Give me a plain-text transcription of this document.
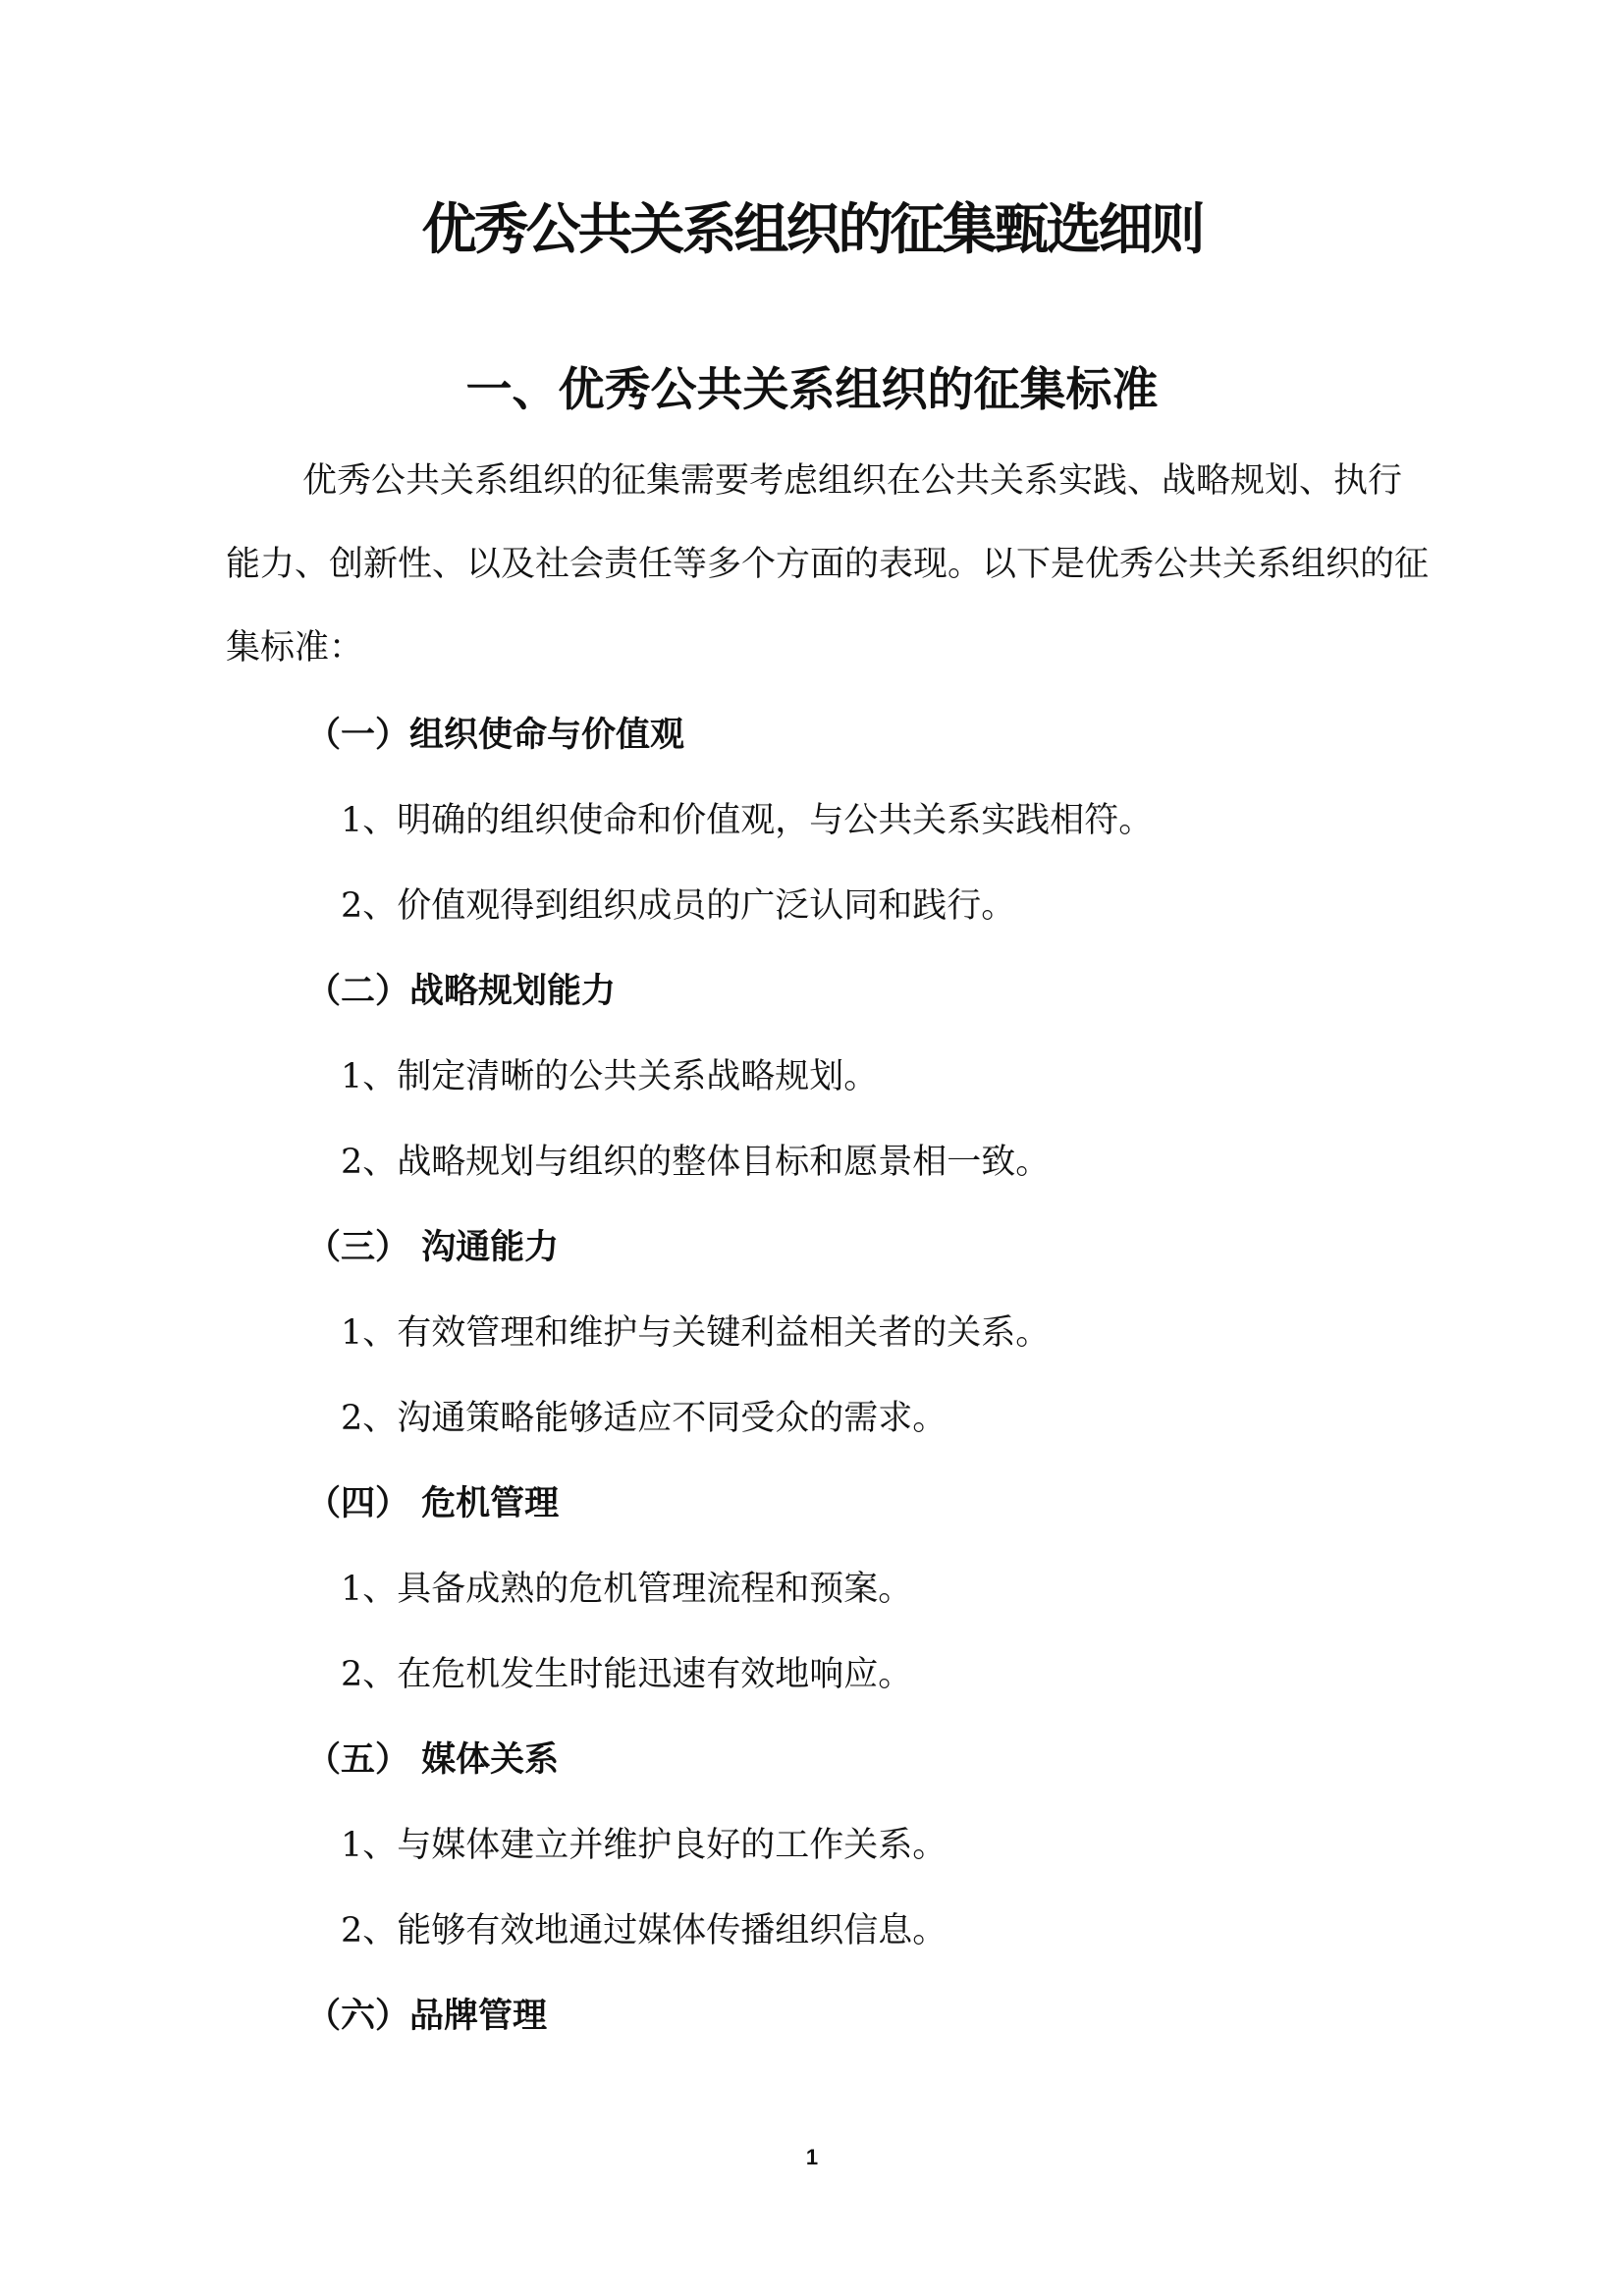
优秀公共关系组织的征集甄选细则
一、优秀公共关系组织的征集标准

优秀公共关系组织的征集需要考虑组织在公共关系实践、战略规划、执行能力、创新性、以及社会责任等多个方面的表现。以下是优秀公共关系组织的征集标准：

（一）组织使命与价值观
1、明确的组织使命和价值观，与公共关系实践相符。
2、价值观得到组织成员的广泛认同和践行。
（二）战略规划能力
1、制定清晰的公共关系战略规划。
2、战略规划与组织的整体目标和愿景相一致。
（三） 沟通能力
1、有效管理和维护与关键利益相关者的关系。
2、沟通策略能够适应不同受众的需求。
（四） 危机管理
1、具备成熟的危机管理流程和预案。
2、在危机发生时能迅速有效地响应。
（五） 媒体关系
1、与媒体建立并维护良好的工作关系。
2、能够有效地通过媒体传播组织信息。
（六）品牌管理
1
